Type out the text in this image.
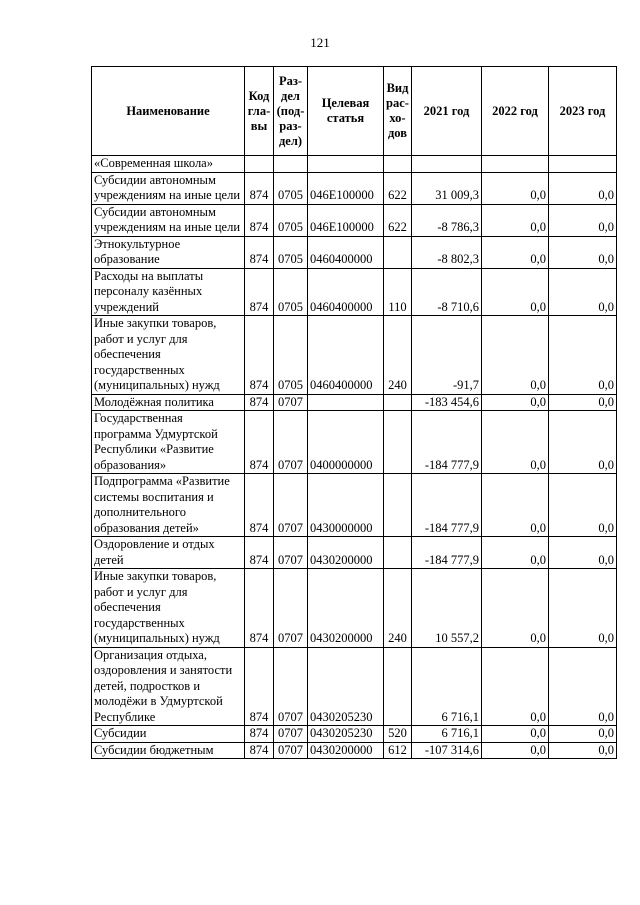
121
Наименование	Код гла- вы	Раз- дел (под- раз- дел)	Целевая статья	Вид рас- хо- дов	2021 год	2022 год	2023 год
«Современная школа»							
Субсидии автономным учреждениям на иные цели	874	0705	046E100000	622	31 009,3	0,0	0,0
Субсидии автономным учреждениям на иные цели	874	0705	046E100000	622	-8 786,3	0,0	0,0
Этнокультурное образование	874	0705	0460400000		-8 802,3	0,0	0,0
Расходы на выплаты персоналу казённых учреждений	874	0705	0460400000	110	-8 710,6	0,0	0,0
Иные закупки товаров, работ и услуг для обеспечения государственных (муниципальных) нужд	874	0705	0460400000	240	-91,7	0,0	0,0
Молодёжная политика	874	0707			-183 454,6	0,0	0,0
Государственная программа Удмуртской Республики «Развитие образования»	874	0707	0400000000		-184 777,9	0,0	0,0
Подпрограмма «Развитие системы воспитания и дополнительного образования детей»	874	0707	0430000000		-184 777,9	0,0	0,0
Оздоровление и отдых детей	874	0707	0430200000		-184 777,9	0,0	0,0
Иные закупки товаров, работ и услуг для обеспечения государственных (муниципальных) нужд	874	0707	0430200000	240	10 557,2	0,0	0,0
Организация отдыха, оздоровления и занятости детей, подростков и молодёжи в Удмуртской Республике	874	0707	0430205230		6 716,1	0,0	0,0
Субсидии	874	0707	0430205230	520	6 716,1	0,0	0,0
Субсидии бюджетным	874	0707	0430200000	612	-107 314,6	0,0	0,0
